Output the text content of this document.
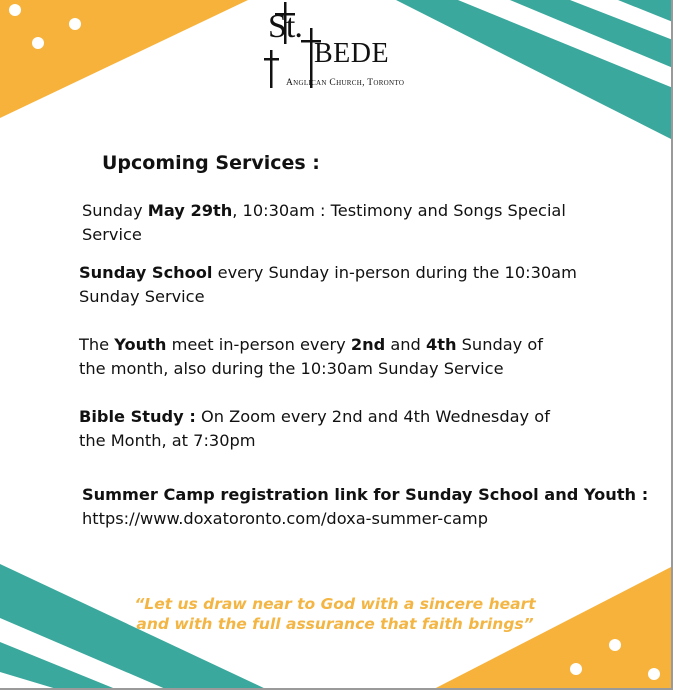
St.
BEDE
Anglican Church, Toronto
Upcoming Services :
Sunday May 29th, 10:30am : Testimony and Songs Special
Service
Sunday School every Sunday in-person during the 10:30am
Sunday Service
The Youth meet in-person every 2nd and 4th Sunday of
the month, also during the 10:30am Sunday Service
Bible Study : On Zoom every 2nd and 4th Wednesday of
the Month, at 7:30pm
Summer Camp registration link for Sunday School and Youth :
https://www.doxatoronto.com/doxa-summer-camp
“Let us draw near to God with a sincere heart
and with the full assurance that faith brings”
